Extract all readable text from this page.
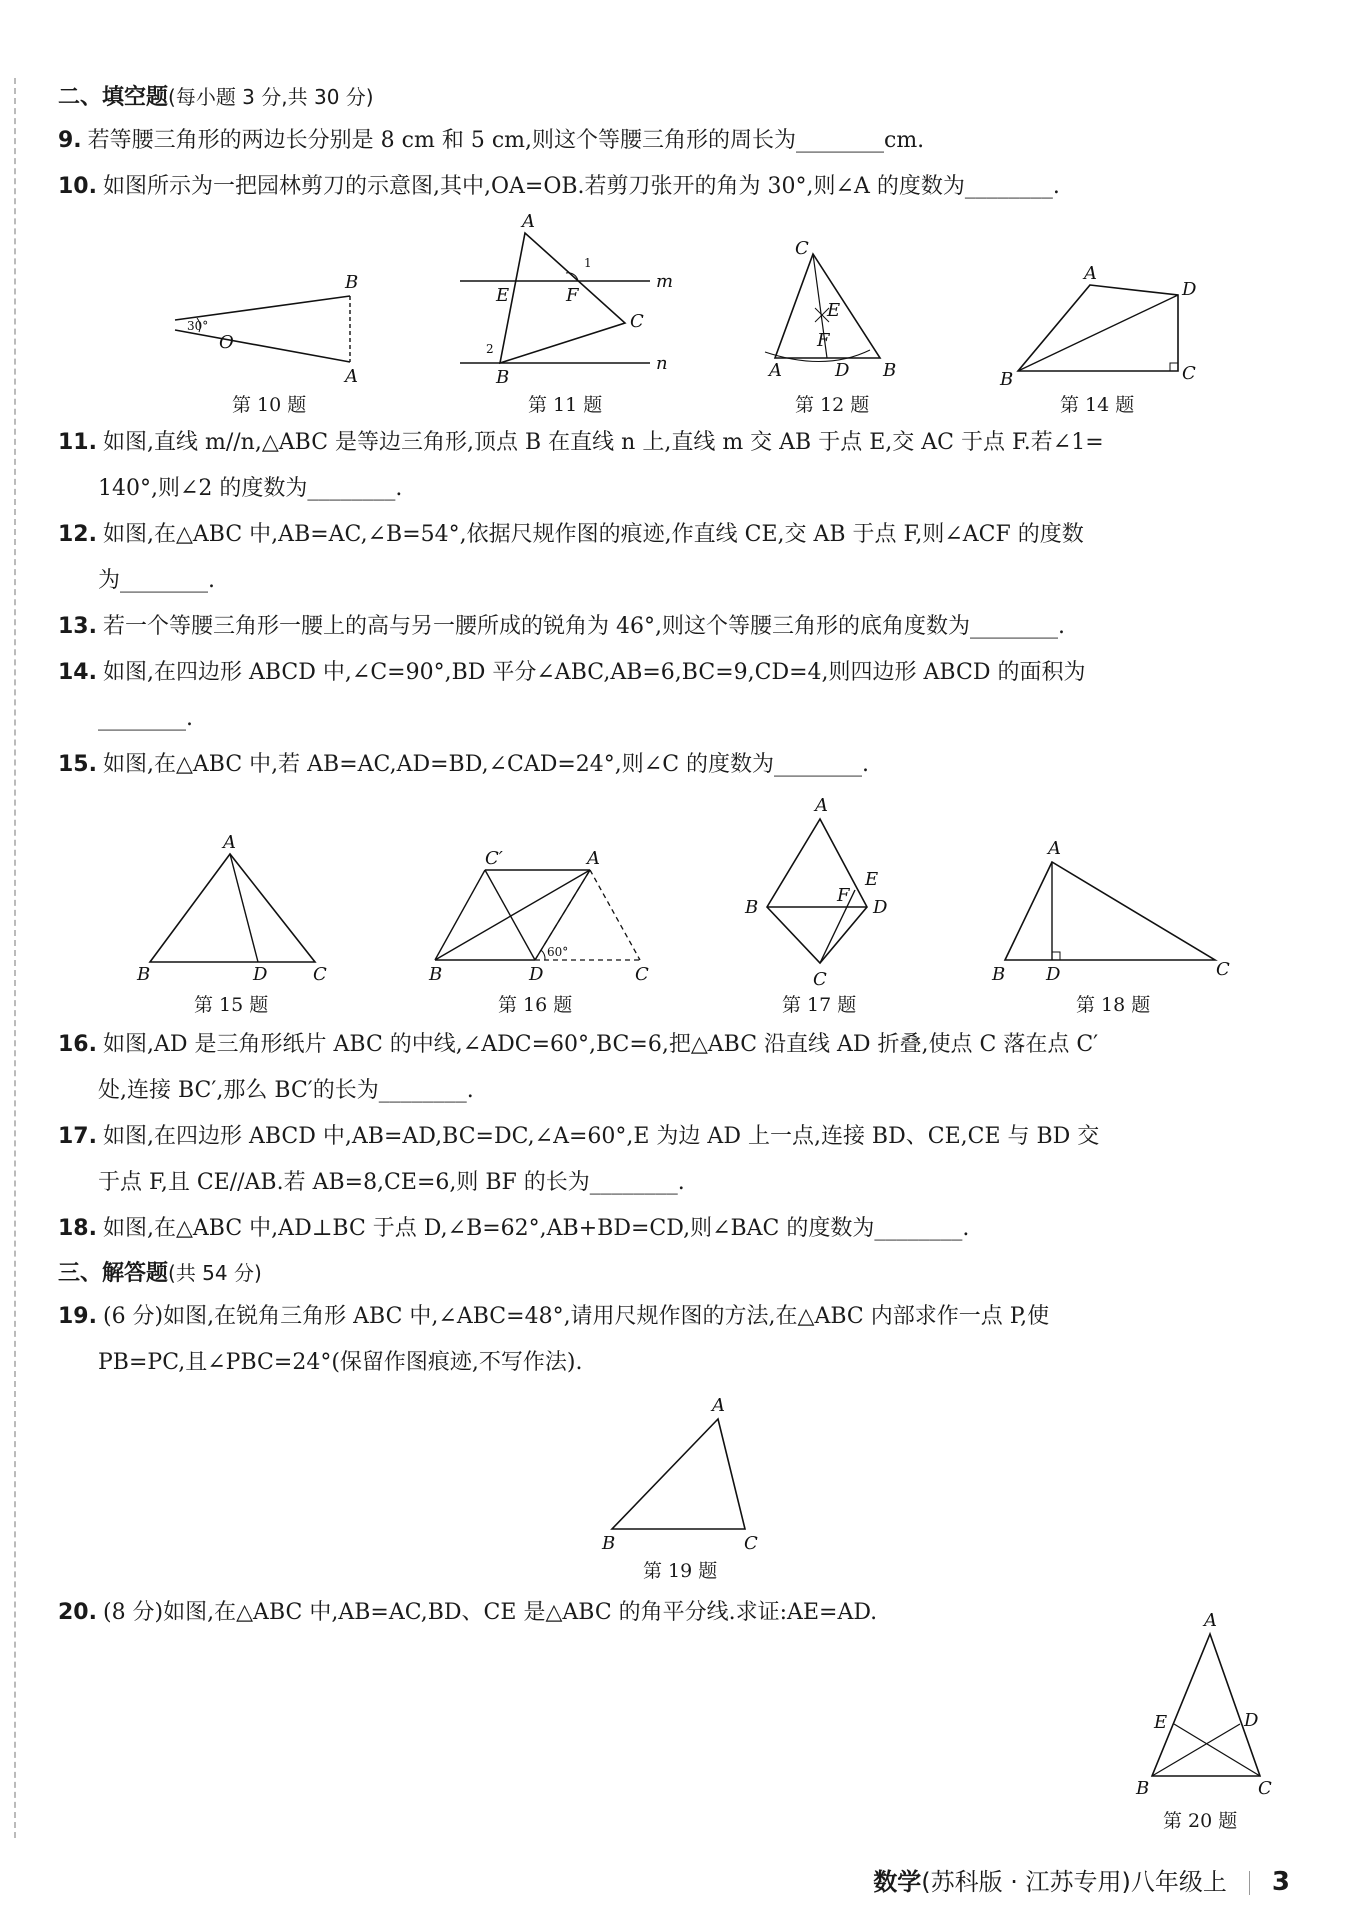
二、填空题(每小题 3 分,共 30 分)
9. 若等腰三角形的两边长分别是 8 cm 和 5 cm,则这个等腰三角形的周长为________cm.
10. 如图所示为一把园林剪刀的示意图,其中,OA=OB.若剪刀张开的角为 30°,则∠A 的度数为________.
30°
O
B
A
第 10 题
1
2
A
E	F
C
B
m
n
第 11 题
C
E
F
A	D B
第 12 题
A
D
C
B
第 14 题
11. 如图,直线 m//n,△ABC 是等边三角形,顶点 B 在直线 n 上,直线 m 交 AB 于点 E,交 AC 于点 F.若∠1=
140°,则∠2 的度数为________.
12. 如图,在△ABC 中,AB=AC,∠B=54°,依据尺规作图的痕迹,作直线 CE,交 AB 于点 F,则∠ACF 的度数
为________.
13. 若一个等腰三角形一腰上的高与另一腰所成的锐角为 46°,则这个等腰三角形的底角度数为________.
14. 如图,在四边形 ABCD 中,∠C=90°,BD 平分∠ABC,AB=6,BC=9,CD=4,则四边形 ABCD 的面积为
________.
15. 如图,在△ABC 中,若 AB=AC,AD=BD,∠CAD=24°,则∠C 的度数为________.
A
B	D	C
第 15 题
60°
C′	A
B	D	C
第 16 题
A
B
E
F
D
C
第 17 题
A
B D	C
第 18 题
16. 如图,AD 是三角形纸片 ABC 的中线,∠ADC=60°,BC=6,把△ABC 沿直线 AD 折叠,使点 C 落在点 C′
处,连接 BC′,那么 BC′的长为________.
17. 如图,在四边形 ABCD 中,AB=AD,BC=DC,∠A=60°,E 为边 AD 上一点,连接 BD、CE,CE 与 BD 交
于点 F,且 CE//AB.若 AB=8,CE=6,则 BF 的长为________.
18. 如图,在△ABC 中,AD⊥BC 于点 D,∠B=62°,AB+BD=CD,则∠BAC 的度数为________.
三、解答题(共 54 分)
19. (6 分)如图,在锐角三角形 ABC 中,∠ABC=48°,请用尺规作图的方法,在△ABC 内部求作一点 P,使
PB=PC,且∠PBC=24°(保留作图痕迹,不写作法).
A
B	C
第 19 题
20. (8 分)如图,在△ABC 中,AB=AC,BD、CE 是△ABC 的角平分线.求证:AE=AD.	A
E	D
B	C
第 20 题
数学(苏科版 · 江苏专用)八年级上 3
